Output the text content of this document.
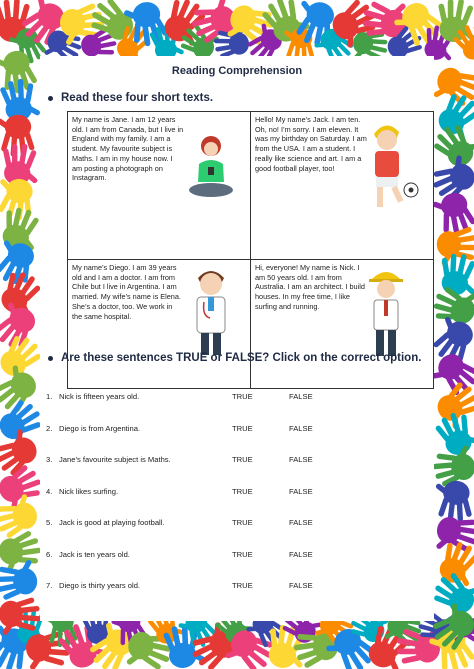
Reading Comprehension
Read these four short texts.
My name is Jane. I am 12 years old. I am from Canada, but I live in England with my family. I am a student. My favourite subject is Maths. I am in my house now. I am posting a photograph on Instagram.	Hello! My name’s Jack. I am ten. Oh, no! I’m sorry. I am eleven. It was my birthday on Saturday. I am from the USA. I am a student. I really like science and art. I am a good football player, too!

My name’s Diego. I am 39 years old and I am a doctor. I am from Chile but I live in Argentina. I am married. My wife’s name is Elena. She’s a doctor, too. We work in the same hospital.	Hi, everyone! My name is Nick. I am 50 years old. I am from Australia. I am an architect. I build houses. In my free time, I like surfing and running.
Are these sentences TRUE or FALSE? Click on the correct option.
1. Nick is fifteen years old.	TRUE	FALSE
2. Diego is from Argentina.	TRUE	FALSE
3. Jane’s favourite subject is Maths.	TRUE	FALSE
4. Nick likes surfing.	TRUE	FALSE
5. Jack is good at playing football.	TRUE	FALSE
6. Jack is ten years old.	TRUE	FALSE
7. Diego is thirty years old.	TRUE	FALSE
